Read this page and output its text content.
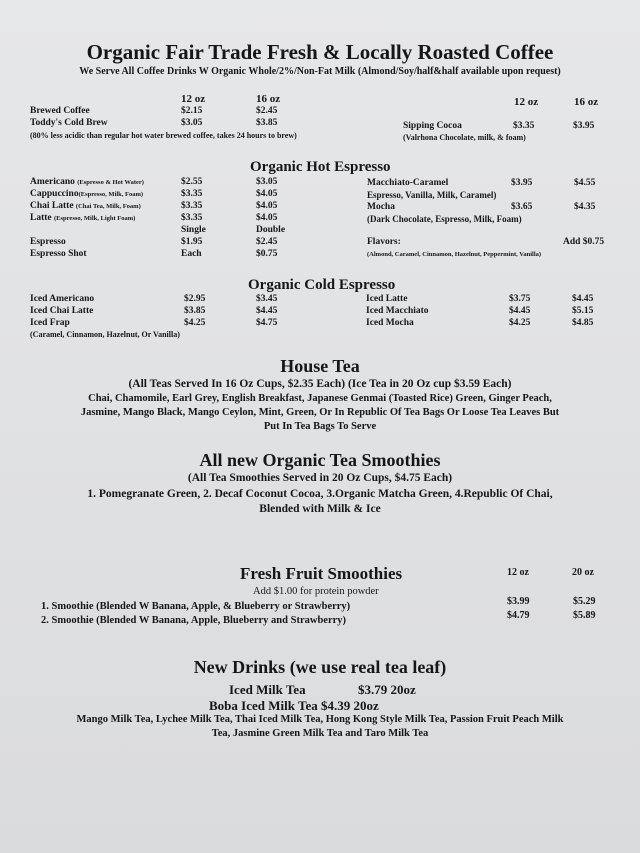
Organic Fair Trade Fresh & Locally Roasted Coffee
We Serve All Coffee Drinks W Organic Whole/2%/Non-Fat Milk (Almond/Soy/half&half available upon request)
12 oz	16 oz	12 oz	16 oz
Brewed Coffee	$2.15	$2.45
Toddy's Cold Brew	$3.05	$3.85
(80% less acidic than regular hot water brewed coffee, takes 24 hours to brew)
Sipping Cocoa	$3.35	$3.95
(Valrhona Chocolate, milk, & foam)
Organic Hot Espresso
Americano (Espresso & Hot Water)	$2.55	$3.05
Cappuccino(Espresso, Milk, Foam)	$3.35	$4.05
Chai Latte (Chai Tea, Milk, Foam)	$3.35	$4.05
Latte (Espresso, Milk, Light Foam)	$3.35	$4.05
Single	Double
Espresso	$1.95	$2.45
Espresso Shot	Each	$0.75
Macchiato-Caramel	$3.95	$4.55
Espresso, Vanilla, Milk, Caramel)
Mocha	$3.65	$4.35
(Dark Chocolate, Espresso, Milk, Foam)
Flavors:	Add $0.75
(Almond, Caramel, Cinnamon, Hazelnut, Peppermint, Vanilla)
Organic Cold Espresso
Iced Americano	$2.95	$3.45
Iced Chai Latte	$3.85	$4.45
Iced Frap	$4.25	$4.75
(Caramel, Cinnamon, Hazelnut, Or Vanilla)
Iced Latte	$3.75	$4.45
Iced Macchiato	$4.45	$5.15
Iced Mocha	$4.25	$4.85
House Tea
(All Teas Served In 16 Oz Cups, $2.35 Each) (Ice Tea in 20 Oz cup $3.59 Each)
Chai, Chamomile, Earl Grey, English Breakfast, Japanese Genmai (Toasted Rice) Green, Ginger Peach,
Jasmine, Mango Black, Mango Ceylon, Mint, Green, Or In Republic Of Tea Bags Or Loose Tea Leaves But
Put In Tea Bags To Serve
All new Organic Tea Smoothies
(All Tea Smoothies Served in 20 Oz Cups, $4.75 Each)
1. Pomegranate Green, 2. Decaf Coconut Cocoa, 3.Organic Matcha Green, 4.Republic Of Chai,
Blended with Milk & Ice
Fresh Fruit Smoothies	12 oz	20 oz
Add $1.00 for protein powder
1. Smoothie (Blended W Banana, Apple, & Blueberry or Strawberry)	$3.99	$5.29
2. Smoothie (Blended W Banana, Apple, Blueberry and Strawberry)	$4.79	$5.89
New Drinks (we use real tea leaf)
Iced Milk Tea	$3.79 20oz
Boba Iced Milk Tea $4.39 20oz
Mango Milk Tea, Lychee Milk Tea, Thai Iced Milk Tea, Hong Kong Style Milk Tea, Passion Fruit Peach Milk
Tea, Jasmine Green Milk Tea and Taro Milk Tea
